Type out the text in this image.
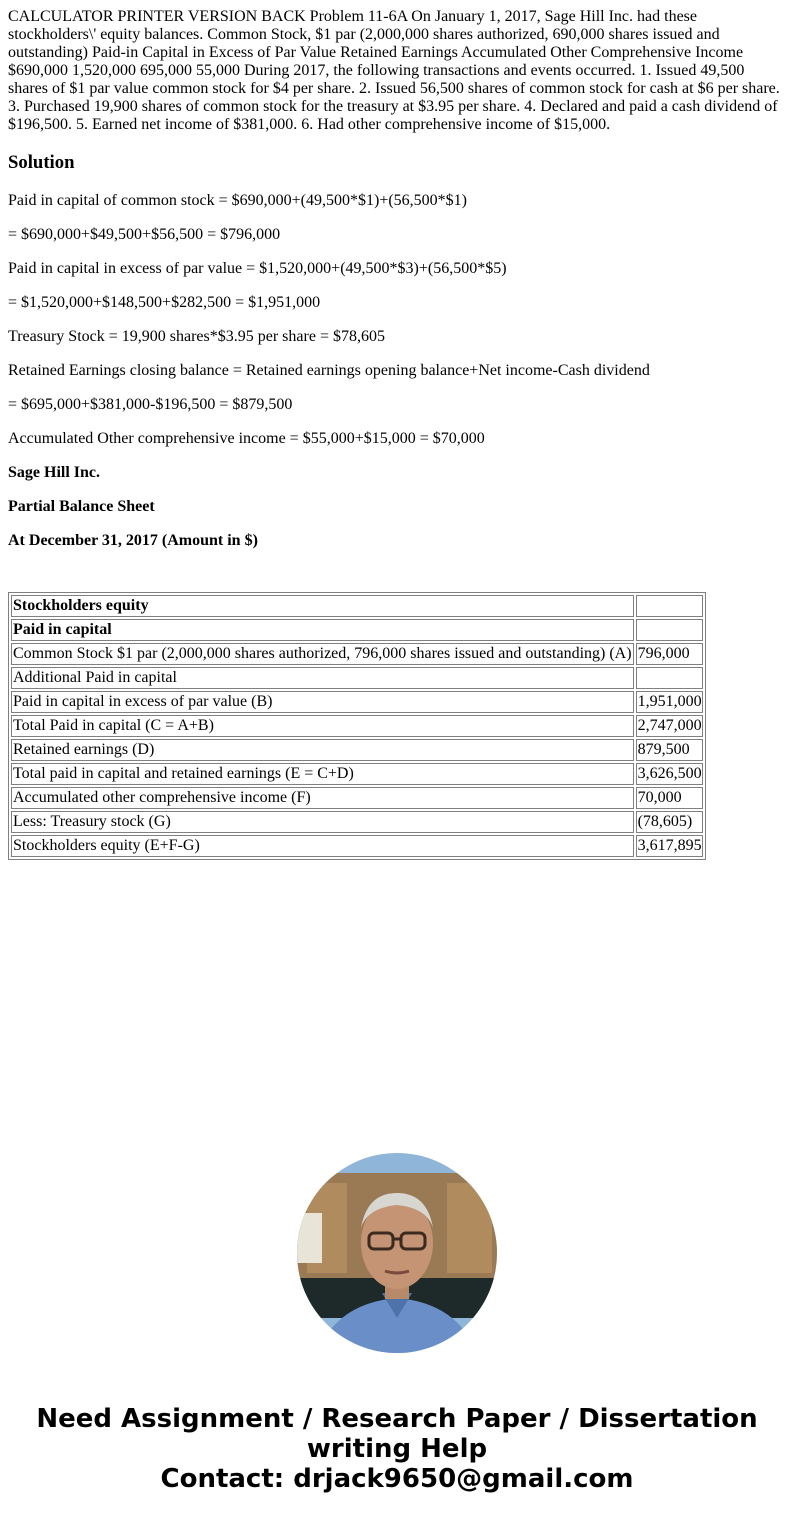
CALCULATOR PRINTER VERSION BACK Problem 11-6A On January 1, 2017, Sage Hill Inc. had these stockholders\' equity balances. Common Stock, $1 par (2,000,000 shares authorized, 690,000 shares issued and outstanding) Paid-in Capital in Excess of Par Value Retained Earnings Accumulated Other Comprehensive Income $690,000 1,520,000 695,000 55,000 During 2017, the following transactions and events occurred. 1. Issued 49,500 shares of $1 par value common stock for $4 per share. 2. Issued 56,500 shares of common stock for cash at $6 per share. 3. Purchased 19,900 shares of common stock for the treasury at $3.95 per share. 4. Declared and paid a cash dividend of $196,500. 5. Earned net income of $381,000. 6. Had other comprehensive income of $15,000.
Solution

Paid in capital of common stock = $690,000+(49,500*$1)+(56,500*$1)

= $690,000+$49,500+$56,500 = $796,000

Paid in capital in excess of par value = $1,520,000+(49,500*$3)+(56,500*$5)

= $1,520,000+$148,500+$282,500 = $1,951,000

Treasury Stock = 19,900 shares*$3.95 per share = $78,605

Retained Earnings closing balance = Retained earnings opening balance+Net income-Cash dividend

= $695,000+$381,000-$196,500 = $879,500

Accumulated Other comprehensive income = $55,000+$15,000 = $70,000

Sage Hill Inc.

Partial Balance Sheet

At December 31, 2017 (Amount in $)

Stockholders equity	
Paid in capital	
Common Stock $1 par (2,000,000 shares authorized, 796,000 shares issued and outstanding) (A)	796,000
Additional Paid in capital	
Paid in capital in excess of par value (B)	1,951,000
Total Paid in capital (C = A+B)	2,747,000
Retained earnings (D)	879,500
Total paid in capital and retained earnings (E = C+D)	3,626,500
Accumulated other comprehensive income (F)	70,000
Less: Treasury stock (G)	(78,605)
Stockholders equity (E+F-G)	3,617,895
Need Assignment / Research Paper / Dissertation
writing Help
Contact: drjack9650@gmail.com
